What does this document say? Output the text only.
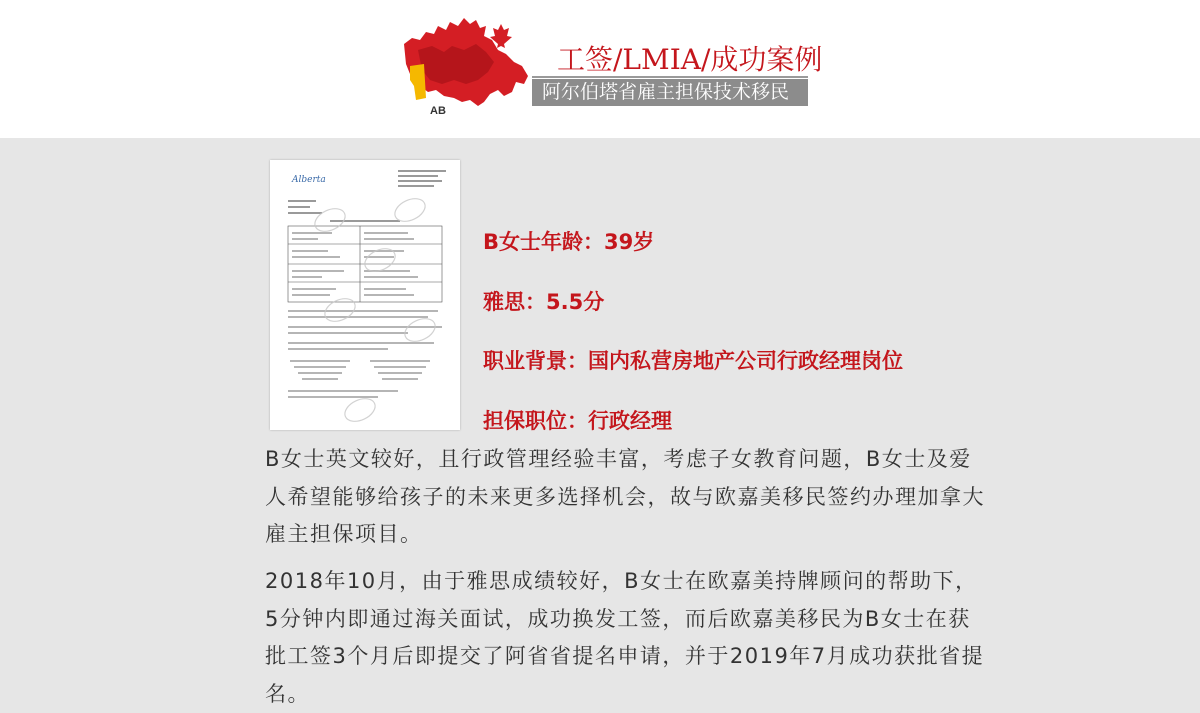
AB
工签/LMIA/成功案例
阿尔伯塔省雇主担保技术移民
Alberta
B女士年龄：39岁
雅思：5.5分
职业背景：国内私营房地产公司行政经理岗位
担保职位：行政经理
B女士英文较好，且行政管理经验丰富，考虑子女教育问题，B女士及爱人希望能够给孩子的未来更多选择机会，故与欧嘉美移民签约办理加拿大雇主担保项目。
2018年10月，由于雅思成绩较好，B女士在欧嘉美持牌顾问的帮助下，5分钟内即通过海关面试，成功换发工签，而后欧嘉美移民为B女士在获批工签3个月后即提交了阿省省提名申请，并于2019年7月成功获批省提名。
